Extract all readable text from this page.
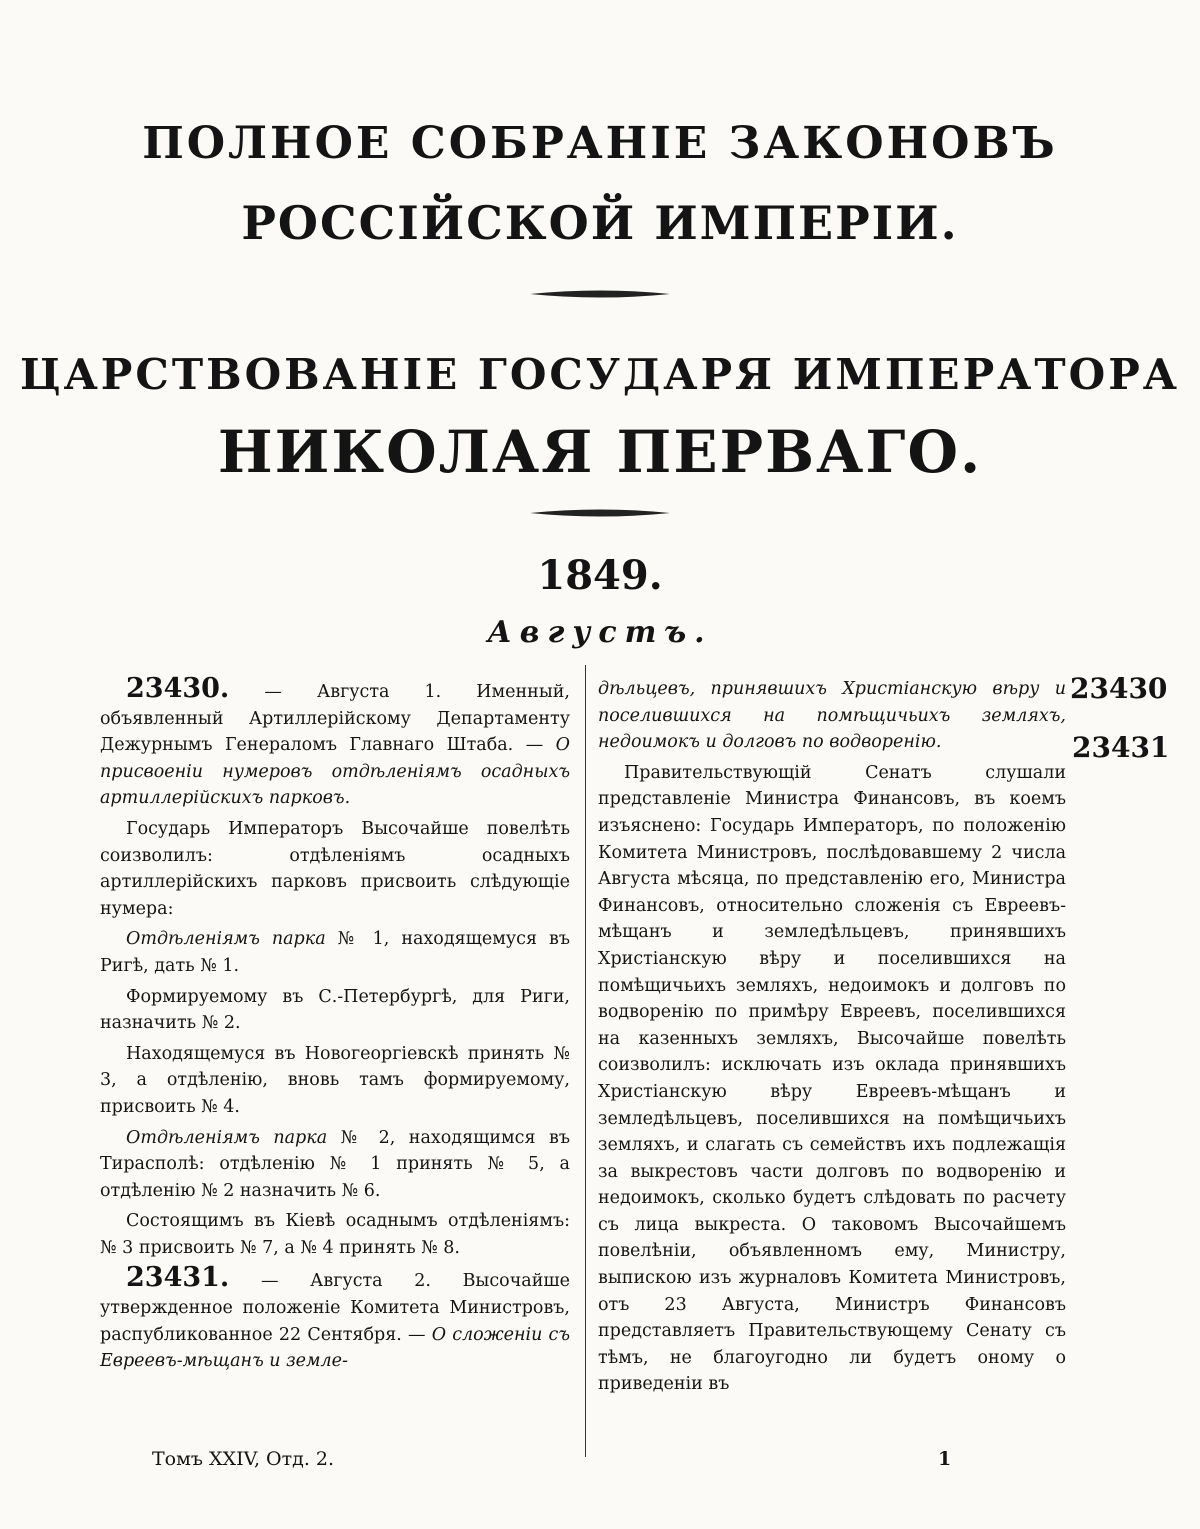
ПОЛНОЕ СОБРАНІЕ ЗАКОНОВЪ
РОССІЙСКОЙ ИМПЕРІИ.
ЦАРСТВОВАНІЕ ГОСУДАРЯ ИМПЕРАТОРА
НИКОЛАЯ ПЕРВАГО.
1849.
Августъ.
23430
23431

23430. — Августа 1. Именный, объявленный Артиллерійскому Департаменту Дежурнымъ Генераломъ Главнаго Штаба. — О присвоеніи нумеровъ отдѣленіямъ осадныхъ артиллерійскихъ парковъ.

Государь Императоръ Высочайше повелѣть соизволилъ: отдѣленіямъ осадныхъ артиллерійскихъ парковъ присвоить слѣдующіе нумера:

Отдѣленіямъ парка № 1, находящемуся въ Ригѣ, дать № 1.

Формируемому въ С.-Петербургѣ, для Риги, назначить № 2.

Находящемуся въ Новогеоргіевскѣ принять № 3, а отдѣленію, вновь тамъ формируемому, присвоить № 4.

Отдѣленіямъ парка № 2, находящимся въ Тирасполѣ: отдѣленію № 1 принять № 5, а отдѣленію № 2 назначить № 6.

Состоящимъ въ Кіевѣ осаднымъ отдѣленіямъ: № 3 присвоить № 7, а № 4 принять № 8.

23431. — Августа 2. Высочайше утвержденное положеніе Комитета Министровъ, распубликованное 22 Сентября. — О сложеніи съ Евреевъ-мѣщанъ и земле-

дѣльцевъ, принявшихъ Христіанскую вѣру и поселившихся на помѣщичьихъ земляхъ, недоимокъ и долговъ по водворенію.

Правительствующій Сенатъ слушали представленіе Министра Финансовъ, въ коемъ изъяснено: Государь Императоръ, по положенію Комитета Министровъ, послѣдовавшему 2 числа Августа мѣсяца, по представленію его, Министра Финансовъ, относительно сложенія съ Евреевъ-мѣщанъ и земледѣльцевъ, принявшихъ Христіанскую вѣру и поселившихся на помѣщичьихъ земляхъ, недоимокъ и долговъ по водворенію по примѣру Евреевъ, поселившихся на казенныхъ земляхъ, Высочайше повелѣть соизволилъ: исключать изъ оклада принявшихъ Христіанскую вѣру Евреевъ-мѣщанъ и земледѣльцевъ, поселившихся на помѣщичьихъ земляхъ, и слагать съ семействъ ихъ подлежащія за выкрестовъ части долговъ по водворенію и недоимокъ, сколько будетъ слѣдовать по расчету съ лица выкреста. О таковомъ Высочайшемъ повелѣніи, объявленномъ ему, Министру, выпискою изъ журналовъ Комитета Министровъ, отъ 23 Августа, Министръ Финансовъ представляетъ Правительствующему Сенату съ тѣмъ, не благоугодно ли будетъ оному о приведеніи въ

Томъ XXIV, Отд. 2.	1
